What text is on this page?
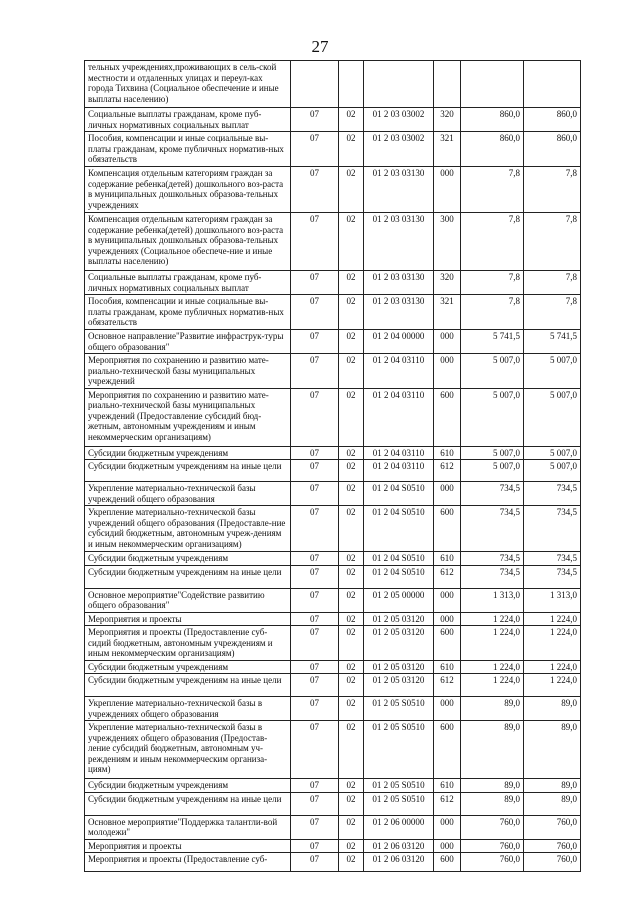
27
тельных учреждениях,проживающих в сель-ской местности и отдаленных улицах и переул-ках города Тихвина (Социальное обеспечение и иные выплаты населению)						
Социальные выплаты гражданам, кроме пуб-личных нормативных социальных выплат	07	02	01 2 03 03002	320	860,0	860,0
Пособия, компенсации и иные социальные вы-платы гражданам, кроме публичных норматив-ных обязательств	07	02	01 2 03 03002	321	860,0	860,0
Компенсация отдельным категориям граждан за содержание ребенка(детей) дошкольного воз-раста в муниципальных дошкольных образова-тельных учреждениях	07	02	01 2 03 03130	000	7,8	7,8
Компенсация отдельным категориям граждан за содержание ребенка(детей) дошкольного воз-раста в муниципальных дошкольных образова-тельных учреждениях (Социальное обеспече-ние и иные выплаты населению)	07	02	01 2 03 03130	300	7,8	7,8
Социальные выплаты гражданам, кроме пуб-личных нормативных социальных выплат	07	02	01 2 03 03130	320	7,8	7,8
Пособия, компенсации и иные социальные вы-платы гражданам, кроме публичных норматив-ных обязательств	07	02	01 2 03 03130	321	7,8	7,8
Основное направление"Развитие инфраструк-туры общего образования"	07	02	01 2 04 00000	000	5 741,5	5 741,5
Мероприятия по сохранению и развитию мате-риально-технической базы муниципальных учреждений	07	02	01 2 04 03110	000	5 007,0	5 007,0
Мероприятия по сохранению и развитию мате-риально-технической базы муниципальных учреждений (Предоставление субсидий бюд-жетным, автономным учреждениям и иным некоммерческим организациям)	07	02	01 2 04 03110	600	5 007,0	5 007,0
Субсидии бюджетным учреждениям	07	02	01 2 04 03110	610	5 007,0	5 007,0
Субсидии бюджетным учреждениям на иные цели	07	02	01 2 04 03110	612	5 007,0	5 007,0
Укрепление материально-технической базы учреждений общего образования	07	02	01 2 04 S0510	000	734,5	734,5
Укрепление материально-технической базы учреждений общего образования (Предоставле-ние субсидий бюджетным, автономным учреж-дениям и иным некоммерческим организациям)	07	02	01 2 04 S0510	600	734,5	734,5
Субсидии бюджетным учреждениям	07	02	01 2 04 S0510	610	734,5	734,5
Субсидии бюджетным учреждениям на иные цели	07	02	01 2 04 S0510	612	734,5	734,5
Основное мероприятие"Содействие развитию общего образования"	07	02	01 2 05 00000	000	1 313,0	1 313,0
Мероприятия и проекты	07	02	01 2 05 03120	000	1 224,0	1 224,0
Мероприятия и проекты (Предоставление суб-сидий бюджетным, автономным учреждениям и иным некоммерческим организациям)	07	02	01 2 05 03120	600	1 224,0	1 224,0
Субсидии бюджетным учреждениям	07	02	01 2 05 03120	610	1 224,0	1 224,0
Субсидии бюджетным учреждениям на иные цели	07	02	01 2 05 03120	612	1 224,0	1 224,0
Укрепление материально-технической базы в учреждениях общего образования	07	02	01 2 05 S0510	000	89,0	89,0
Укрепление материально-технической базы в учреждениях общего образования (Предостав-ление субсидий бюджетным, автономным уч-реждениям и иным некоммерческим организа-циям)	07	02	01 2 05 S0510	600	89,0	89,0
Субсидии бюджетным учреждениям	07	02	01 2 05 S0510	610	89,0	89,0
Субсидии бюджетным учреждениям на иные цели	07	02	01 2 05 S0510	612	89,0	89,0
Основное мероприятие"Поддержка талантли-вой молодежи"	07	02	01 2 06 00000	000	760,0	760,0
Мероприятия и проекты	07	02	01 2 06 03120	000	760,0	760,0
Мероприятия и проекты (Предоставление суб-	07	02	01 2 06 03120	600	760,0	760,0
